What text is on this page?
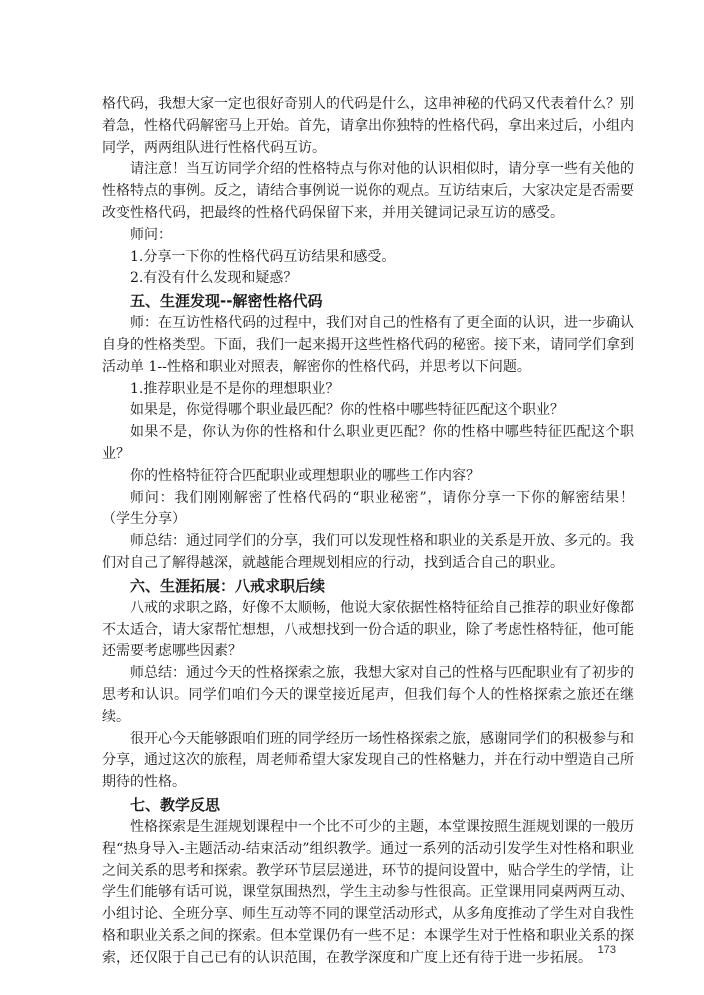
格代码，我想大家一定也很好奇别人的代码是什么，这串神秘的代码又代表着什么？别着急，性格代码解密马上开始。首先，请拿出你独特的性格代码，拿出来过后，小组内同学，两两组队进行性格代码互访。

请注意！当互访同学介绍的性格特点与你对他的认识相似时，请分享一些有关他的性格特点的事例。反之，请结合事例说一说你的观点。互访结束后，大家决定是否需要改变性格代码，把最终的性格代码保留下来，并用关键词记录互访的感受。

师问：

1.分享一下你的性格代码互访结果和感受。

2.有没有什么发现和疑惑？

五、生涯发现--解密性格代码

师：在互访性格代码的过程中，我们对自己的性格有了更全面的认识，进一步确认自身的性格类型。下面，我们一起来揭开这些性格代码的秘密。接下来，请同学们拿到活动单 1--性格和职业对照表，解密你的性格代码，并思考以下问题。

1.推荐职业是不是你的理想职业？

如果是，你觉得哪个职业最匹配？你的性格中哪些特征匹配这个职业？

如果不是，你认为你的性格和什么职业更匹配？你的性格中哪些特征匹配这个职业？

你的性格特征符合匹配职业或理想职业的哪些工作内容？

师问：我们刚刚解密了性格代码的“职业秘密”，请你分享一下你的解密结果！（学生分享）

师总结：通过同学们的分享，我们可以发现性格和职业的关系是开放、多元的。我们对自己了解得越深，就越能合理规划相应的行动，找到适合自己的职业。

六、生涯拓展：八戒求职后续

八戒的求职之路，好像不太顺畅，他说大家依据性格特征给自己推荐的职业好像都不太适合，请大家帮忙想想，八戒想找到一份合适的职业，除了考虑性格特征，他可能还需要考虑哪些因素？

师总结：通过今天的性格探索之旅，我想大家对自己的性格与匹配职业有了初步的思考和认识。同学们咱们今天的课堂接近尾声，但我们每个人的性格探索之旅还在继续。

很开心今天能够跟咱们班的同学经历一场性格探索之旅，感谢同学们的积极参与和分享，通过这次的旅程，周老师希望大家发现自己的性格魅力，并在行动中塑造自己所期待的性格。

七、教学反思

性格探索是生涯规划课程中一个比不可少的主题，本堂课按照生涯规划课的一般历程“热身导入-主题活动-结束活动”组织教学。通过一系列的活动引发学生对性格和职业之间关系的思考和探索。教学环节层层递进，环节的提问设置中，贴合学生的学情，让学生们能够有话可说，课堂氛围热烈，学生主动参与性很高。正堂课用同桌两两互动、小组讨论、全班分享、师生互动等不同的课堂活动形式，从多角度推动了学生对自我性格和职业关系之间的探索。但本堂课仍有一些不足：本课学生对于性格和职业关系的探索，还仅限于自己已有的认识范围，在教学深度和广度上还有待于进一步拓展。 173
